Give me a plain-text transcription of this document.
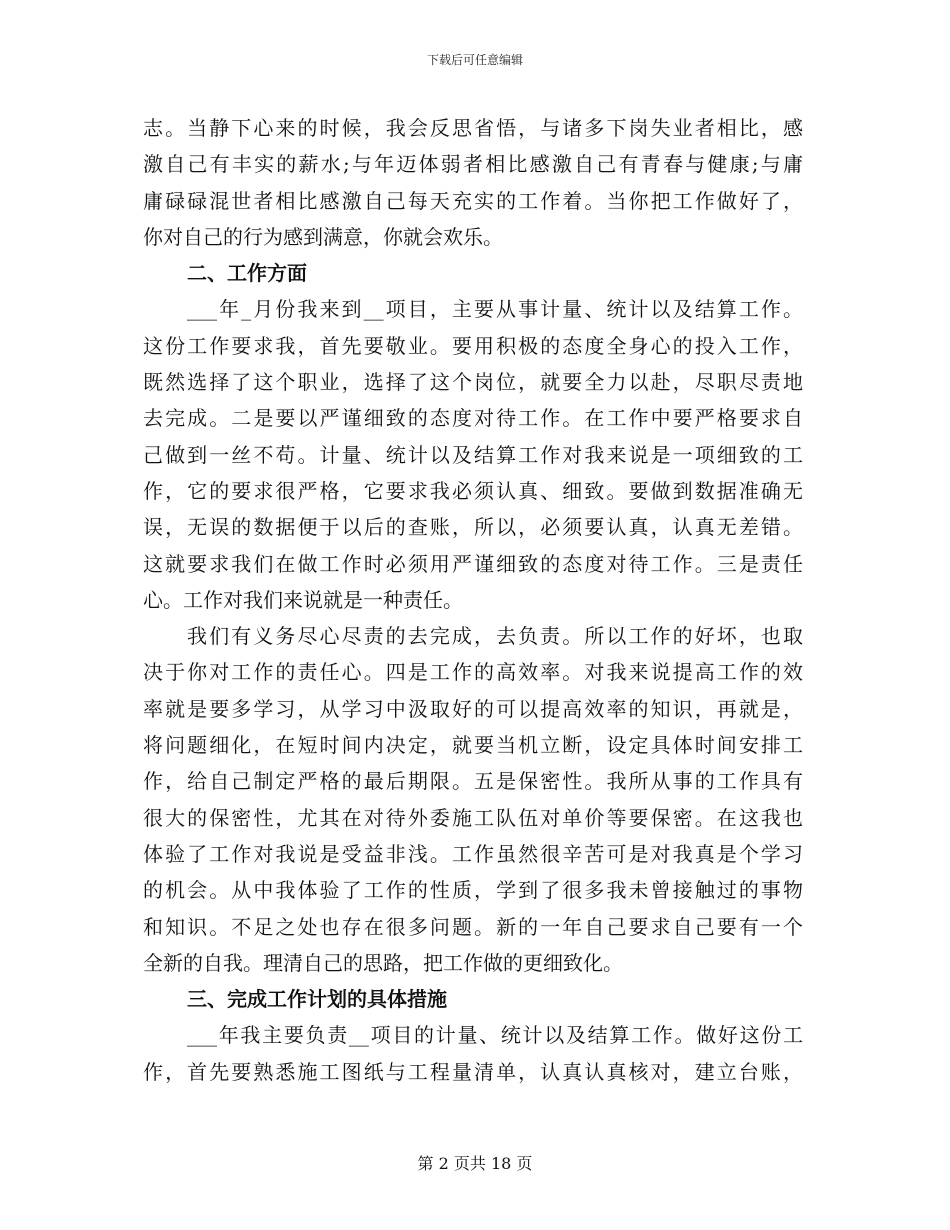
下载后可任意编辑
志。当静下心来的时候，我会反思省悟，与诸多下岗失业者相比，感
激自己有丰实的薪水;与年迈体弱者相比感激自己有青春与健康;与庸
庸碌碌混世者相比感激自己每天充实的工作着。当你把工作做好了，
你对自己的行为感到满意，你就会欢乐。
二、工作方面
___年_月份我来到__项目，主要从事计量、统计以及结算工作。
这份工作要求我，首先要敬业。要用积极的态度全身心的投入工作，
既然选择了这个职业，选择了这个岗位，就要全力以赴，尽职尽责地
去完成。二是要以严谨细致的态度对待工作。在工作中要严格要求自
己做到一丝不苟。计量、统计以及结算工作对我来说是一项细致的工
作，它的要求很严格，它要求我必须认真、细致。要做到数据准确无
误，无误的数据便于以后的查账，所以，必须要认真，认真无差错。
这就要求我们在做工作时必须用严谨细致的态度对待工作。三是责任
心。工作对我们来说就是一种责任。
我们有义务尽心尽责的去完成，去负责。所以工作的好坏，也取
决于你对工作的责任心。四是工作的高效率。对我来说提高工作的效
率就是要多学习，从学习中汲取好的可以提高效率的知识，再就是，
将问题细化，在短时间内决定，就要当机立断，设定具体时间安排工
作，给自己制定严格的最后期限。五是保密性。我所从事的工作具有
很大的保密性，尤其在对待外委施工队伍对单价等要保密。在这我也
体验了工作对我说是受益非浅。工作虽然很辛苦可是对我真是个学习
的机会。从中我体验了工作的性质，学到了很多我未曾接触过的事物
和知识。不足之处也存在很多问题。新的一年自己要求自己要有一个
全新的自我。理清自己的思路，把工作做的更细致化。
三、完成工作计划的具体措施
___年我主要负责__项目的计量、统计以及结算工作。做好这份工
作，首先要熟悉施工图纸与工程量清单，认真认真核对，建立台账，
第 2 页共 18 页
